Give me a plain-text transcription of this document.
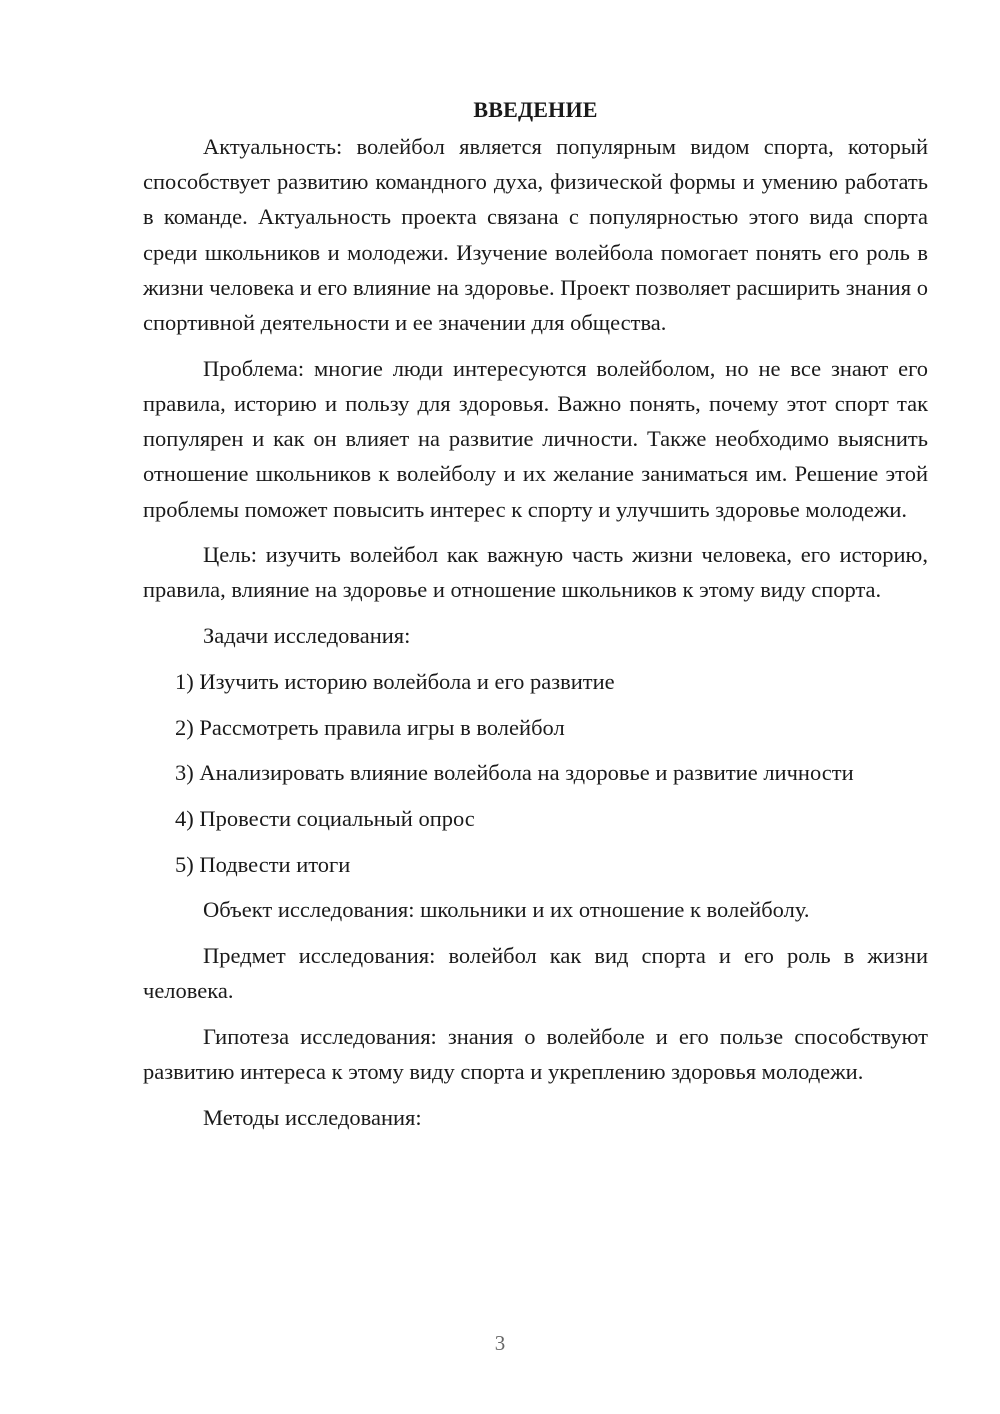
ВВЕДЕНИЕ

Актуальность: волейбол является популярным видом спорта, который способствует развитию командного духа, физической формы и умению работать в команде. Актуальность проекта связана с популярностью этого вида спорта среди школьников и молодежи. Изучение волейбола помогает понять его роль в жизни человека и его влияние на здоровье. Проект позволяет расширить знания о спортивной деятельности и ее значении для общества.

Проблема: многие люди интересуются волейболом, но не все знают его правила, историю и пользу для здоровья. Важно понять, почему этот спорт так популярен и как он влияет на развитие личности. Также необходимо выяснить отношение школьников к волейболу и их желание заниматься им. Решение этой проблемы поможет повысить интерес к спорту и улучшить здоровье молодежи.

Цель: изучить волейбол как важную часть жизни человека, его историю, правила, влияние на здоровье и отношение школьников к этому виду спорта.

Задачи исследования:

1) Изучить историю волейбола и его развитие

2) Рассмотреть правила игры в волейбол

3) Анализировать влияние волейбола на здоровье и развитие личности

4) Провести социальный опрос

5) Подвести итоги

Объект исследования: школьники и их отношение к волейболу.

Предмет исследования: волейбол как вид спорта и его роль в жизни человека.

Гипотеза исследования: знания о волейболе и его пользе способствуют развитию интереса к этому виду спорта и укреплению здоровья молодежи.

Методы исследования:

3
